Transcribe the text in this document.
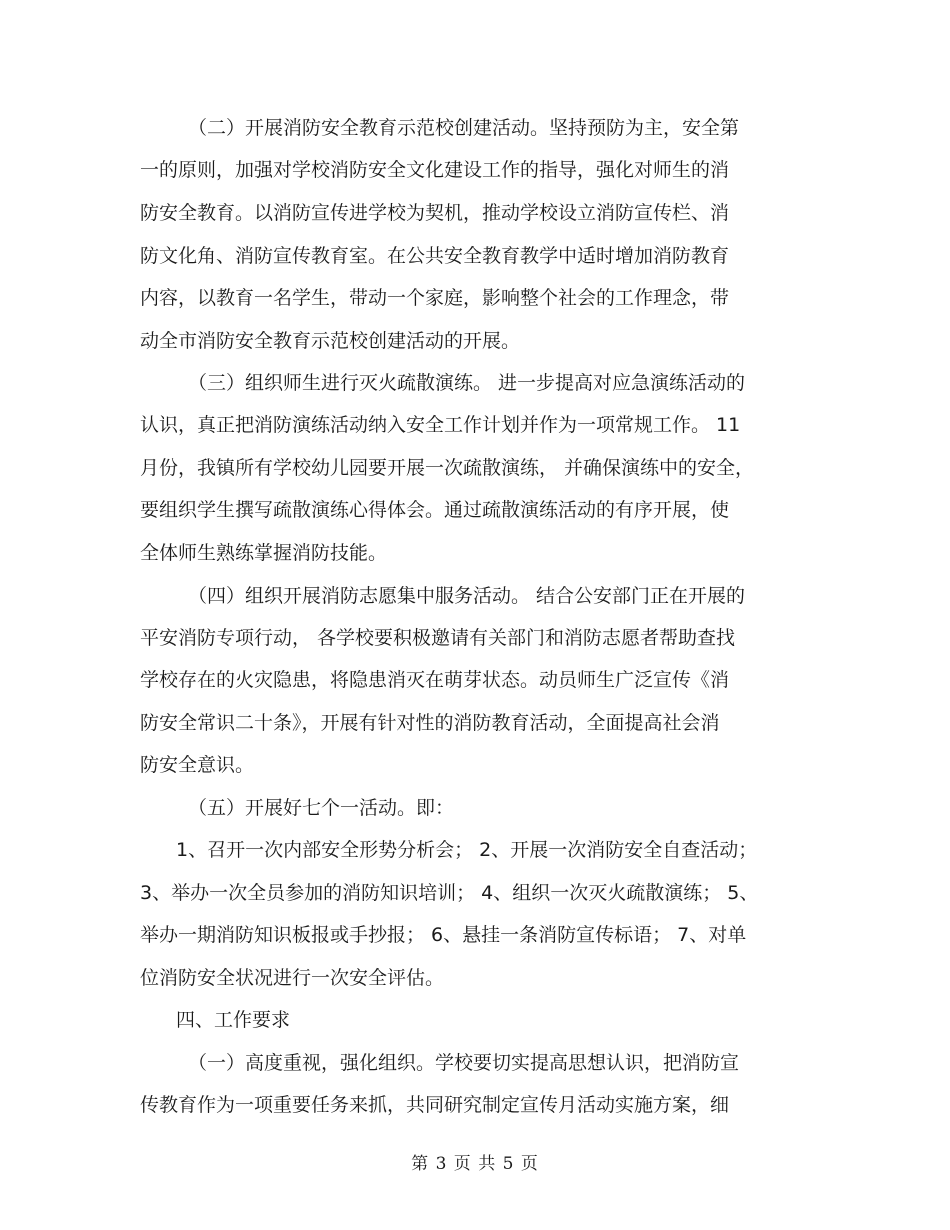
（二）开展消防安全教育示范校创建活动。坚持预防为主，安全第
一的原则，加强对学校消防安全文化建设工作的指导，强化对师生的消
防安全教育。以消防宣传进学校为契机，推动学校设立消防宣传栏、消
防文化角、消防宣传教育室。在公共安全教育教学中适时增加消防教育
内容，以教育一名学生，带动一个家庭，影响整个社会的工作理念，带
动全市消防安全教育示范校创建活动的开展。
（三）组织师生进行灭火疏散演练。 进一步提高对应急演练活动的
认识，真正把消防演练活动纳入安全工作计划并作为一项常规工作。 11
月份，我镇所有学校幼儿园要开展一次疏散演练， 并确保演练中的安全，
要组织学生撰写疏散演练心得体会。通过疏散演练活动的有序开展，使
全体师生熟练掌握消防技能。
（四）组织开展消防志愿集中服务活动。 结合公安部门正在开展的
平安消防专项行动， 各学校要积极邀请有关部门和消防志愿者帮助查找
学校存在的火灾隐患，将隐患消灭在萌芽状态。动员师生广泛宣传《消
防安全常识二十条》，开展有针对性的消防教育活动，全面提高社会消
防安全意识。
（五）开展好七个一活动。即：
1、召开一次内部安全形势分析会； 2、开展一次消防安全自查活动；
3、举办一次全员参加的消防知识培训； 4、组织一次灭火疏散演练； 5、
举办一期消防知识板报或手抄报； 6、悬挂一条消防宣传标语； 7、对单
位消防安全状况进行一次安全评估。
四、工作要求
（一）高度重视，强化组织。学校要切实提高思想认识，把消防宣
传教育作为一项重要任务来抓，共同研究制定宣传月活动实施方案，细
第 3 页 共 5 页
